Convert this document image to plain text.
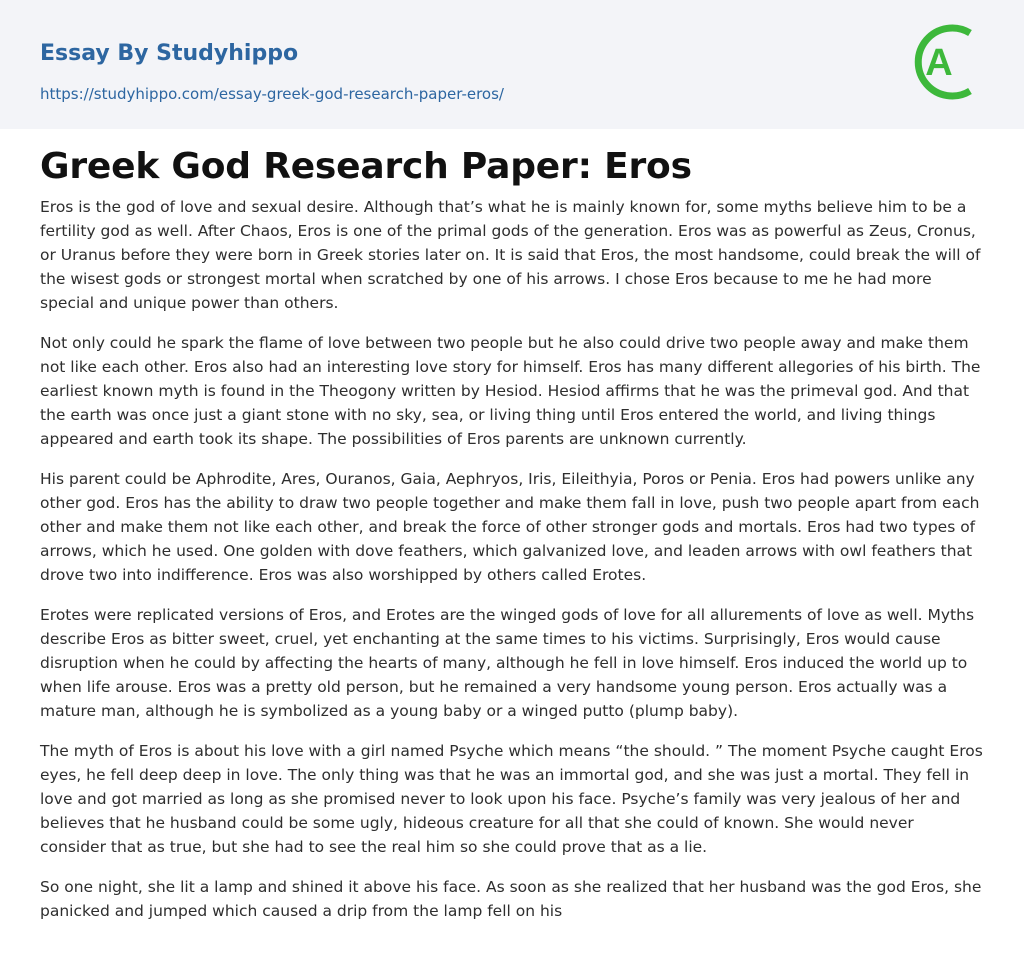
Essay By Studyhippo
https://studyhippo.com/essay-greek-god-research-paper-eros/
A
Greek God Research Paper: Eros

Eros is the god of love and sexual desire. Although that’s what he is mainly known for, some myths believe him to be a fertility god as well. After Chaos, Eros is one of the primal gods of the generation. Eros was as powerful as Zeus, Cronus, or Uranus before they were born in Greek stories later on. It is said that Eros, the most handsome, could break the will of the wisest gods or strongest mortal when scratched by one of his arrows. I chose Eros because to me he had more special and unique power than others.

Not only could he spark the flame of love between two people but he also could drive two people away and make them not like each other. Eros also had an interesting love story for himself. Eros has many different allegories of his birth. The earliest known myth is found in the Theogony written by Hesiod. Hesiod affirms that he was the primeval god. And that the earth was once just a giant stone with no sky, sea, or living thing until Eros entered the world, and living things appeared and earth took its shape. The possibilities of Eros parents are unknown currently.

His parent could be Aphrodite, Ares, Ouranos, Gaia, Aephryos, Iris, Eileithyia, Poros or Penia. Eros had powers unlike any other god. Eros has the ability to draw two people together and make them fall in love, push two people apart from each other and make them not like each other, and break the force of other stronger gods and mortals. Eros had two types of arrows, which he used. One golden with dove feathers, which galvanized love, and leaden arrows with owl feathers that drove two into indifference. Eros was also worshipped by others called Erotes.

Erotes were replicated versions of Eros, and Erotes are the winged gods of love for all allurements of love as well. Myths describe Eros as bitter sweet, cruel, yet enchanting at the same times to his victims. Surprisingly, Eros would cause disruption when he could by affecting the hearts of many, although he fell in love himself. Eros induced the world up to when life arouse. Eros was a pretty old person, but he remained a very handsome young person. Eros actually was a mature man, although he is symbolized as a young baby or a winged putto (plump baby).

The myth of Eros is about his love with a girl named Psyche which means “the should. ” The moment Psyche caught Eros eyes, he fell deep deep in love. The only thing was that he was an immortal god, and she was just a mortal. They fell in love and got married as long as she promised never to look upon his face. Psyche’s family was very jealous of her and believes that he husband could be some ugly, hideous creature for all that she could of known. She would never consider that as true, but she had to see the real him so she could prove that as a lie.

So one night, she lit a lamp and shined it above his face. As soon as she realized that her husband was the god Eros, she panicked and jumped which caused a drip from the lamp fell on his
